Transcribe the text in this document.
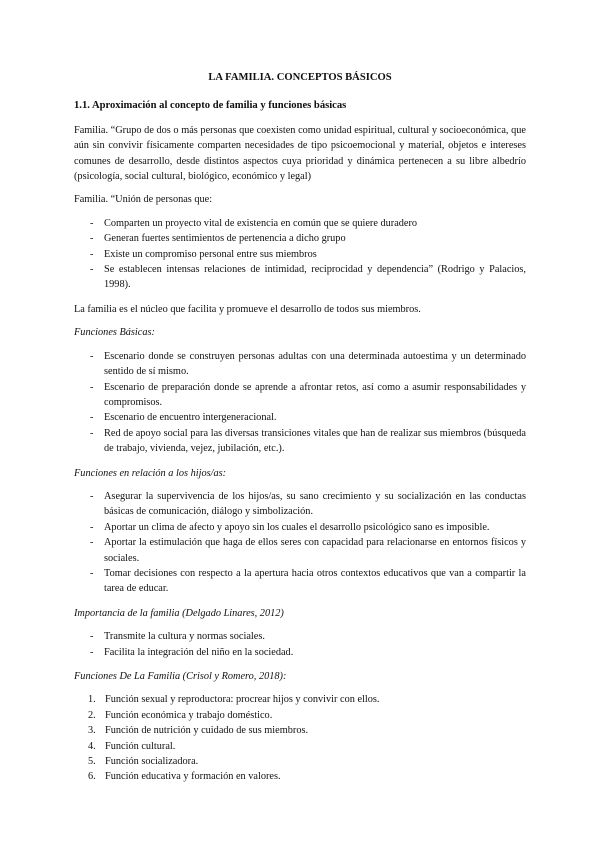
LA FAMILIA. CONCEPTOS BÁSICOS
1.1. Aproximación al concepto de familia y funciones básicas

Familia. “Grupo de dos o más personas que coexisten como unidad espiritual, cultural y socioeconómica, que aún sin convivir físicamente comparten necesidades de tipo psicoemocional y material, objetos e intereses comunes de desarrollo, desde distintos aspectos cuya prioridad y dinámica pertenecen a su libre albedrío (psicología, social cultural, biológico, económico y legal)

Familia. “Unión de personas que:

- Comparten un proyecto vital de existencia en común que se quiere duradero
- Generan fuertes sentimientos de pertenencia a dicho grupo
- Existe un compromiso personal entre sus miembros
- Se establecen intensas relaciones de intimidad, reciprocidad y dependencia” (Rodrigo y Palacios, 1998).

La familia es el núcleo que facilita y promueve el desarrollo de todos sus miembros.

Funciones Básicas:

- Escenario donde se construyen personas adultas con una determinada autoestima y un determinado sentido de sí mismo.
- Escenario de preparación donde se aprende a afrontar retos, así como a asumir responsabilidades y compromisos.
- Escenario de encuentro intergeneracional.
- Red de apoyo social para las diversas transiciones vitales que han de realizar sus miembros (búsqueda de trabajo, vivienda, vejez, jubilación, etc.).

Funciones en relación a los hijos/as:

- Asegurar la supervivencia de los hijos/as, su sano crecimiento y su socialización en las conductas básicas de comunicación, diálogo y simbolización.
- Aportar un clima de afecto y apoyo sin los cuales el desarrollo psicológico sano es imposible.
- Aportar la estimulación que haga de ellos seres con capacidad para relacionarse en entornos físicos y sociales.
- Tomar decisiones con respecto a la apertura hacia otros contextos educativos que van a compartir la tarea de educar.

Importancia de la familia (Delgado Linares, 2012)

- Transmite la cultura y normas sociales.
- Facilita la integración del niño en la sociedad.

Funciones De La Familia (Crisol y Romero, 2018):

1. Función sexual y reproductora: procrear hijos y convivir con ellos.
2. Función económica y trabajo doméstico.
3. Función de nutrición y cuidado de sus miembros.
4. Función cultural.
5. Función socializadora.
6. Función educativa y formación en valores.
